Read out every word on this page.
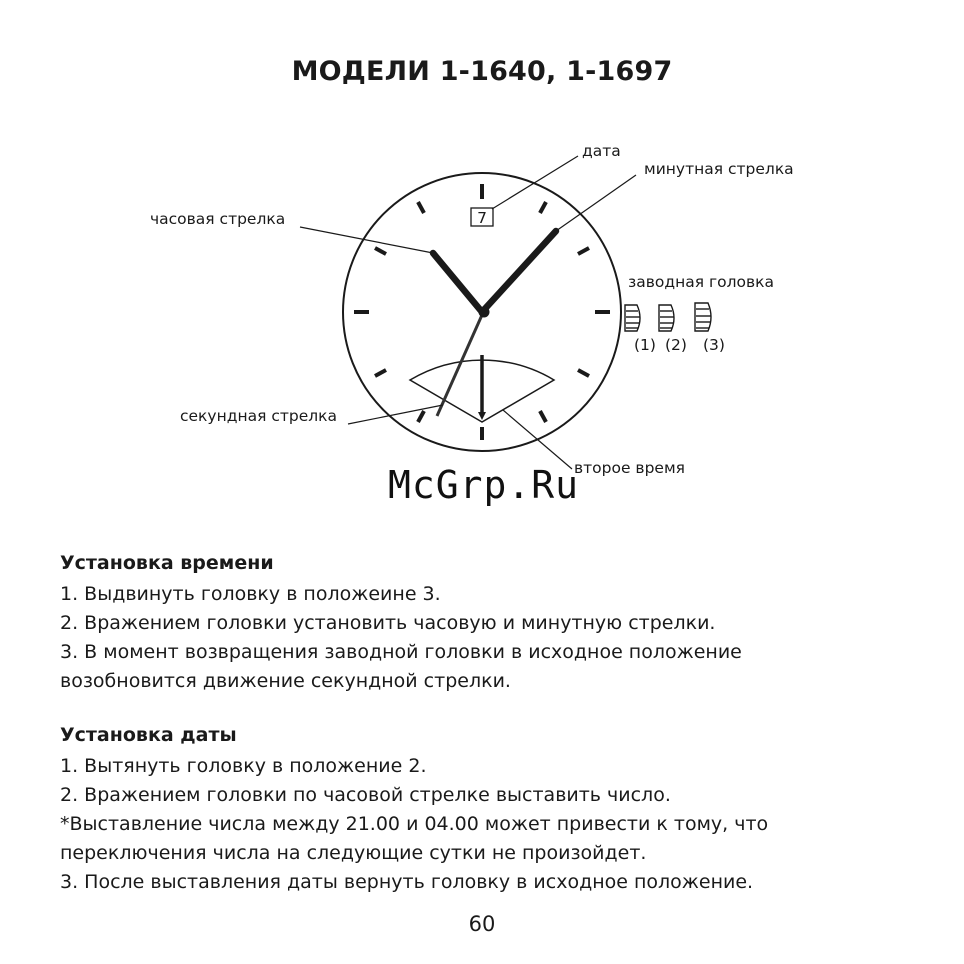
МОДЕЛИ 1-1640, 1-1697
7
дата
минутная стрелка
часовая стрелка
заводная головка
(1) (2) (3)
секундная стрелка
второе время
McGrp.Ru
Установка времени

1. Выдвинуть головку в положеине 3.

2. Вражением головки установить часовую и минутную стрелки.

3. В момент возвращения заводной головки в исходное положение возобновится движение секундной стрелки.

Установка даты

1. Вытянуть головку в положение 2.

2. Вражением головки по часовой стрелке выставить число.

*Выставление числа между 21.00 и 04.00 может привести к тому, что переключения числа на следующие сутки не произойдет.

3. После выставления даты вернуть головку в исходное положение.

60
